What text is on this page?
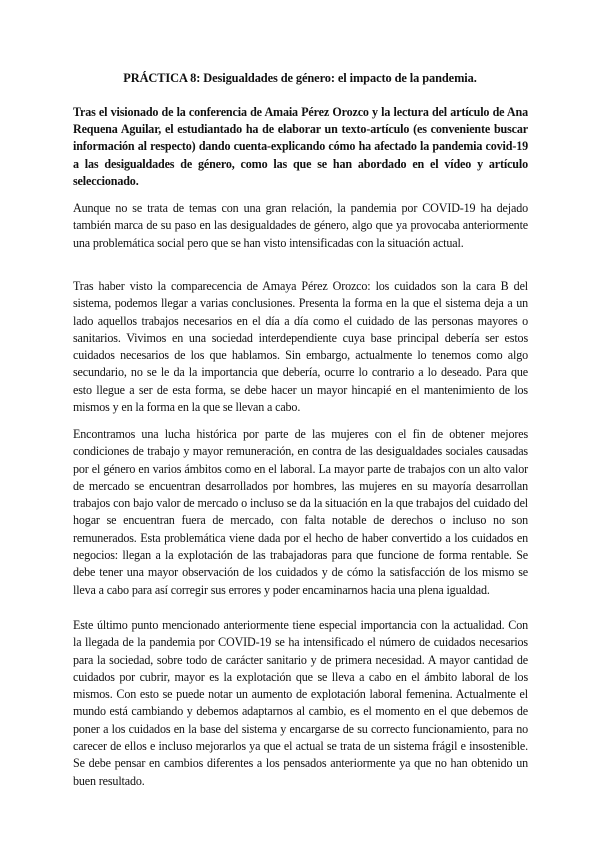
PRÁCTICA 8: Desigualdades de género: el impacto de la pandemia.
Tras el visionado de la conferencia de Amaia Pérez Orozco y la lectura del artículo de Ana Requena Aguilar, el estudiantado ha de elaborar un texto-artículo (es conveniente buscar información al respecto) dando cuenta-explicando cómo ha afectado la pandemia covid-19 a las desigualdades de género, como las que se han abordado en el vídeo y artículo seleccionado.
Aunque no se trata de temas con una gran relación, la pandemia por COVID-19 ha dejado también marca de su paso en las desigualdades de género, algo que ya provocaba anteriormente una problemática social pero que se han visto intensificadas con la situación actual.
Tras haber visto la comparecencia de Amaya Pérez Orozco: los cuidados son la cara B del sistema, podemos llegar a varias conclusiones. Presenta la forma en la que el sistema deja a un lado aquellos trabajos necesarios en el día a día como el cuidado de las personas mayores o sanitarios. Vivimos en una sociedad interdependiente cuya base principal debería ser estos cuidados necesarios de los que hablamos. Sin embargo, actualmente lo tenemos como algo secundario, no se le da la importancia que debería, ocurre lo contrario a lo deseado. Para que esto llegue a ser de esta forma, se debe hacer un mayor hincapié en el mantenimiento de los mismos y en la forma en la que se llevan a cabo.
Encontramos una lucha histórica por parte de las mujeres con el fin de obtener mejores condiciones de trabajo y mayor remuneración, en contra de las desigualdades sociales causadas por el género en varios ámbitos como en el laboral. La mayor parte de trabajos con un alto valor de mercado se encuentran desarrollados por hombres, las mujeres en su mayoría desarrollan trabajos con bajo valor de mercado o incluso se da la situación en la que trabajos del cuidado del hogar se encuentran fuera de mercado, con falta notable de derechos o incluso no son remunerados. Esta problemática viene dada por el hecho de haber convertido a los cuidados en negocios: llegan a la explotación de las trabajadoras para que funcione de forma rentable. Se debe tener una mayor observación de los cuidados y de cómo la satisfacción de los mismo se lleva a cabo para así corregir sus errores y poder encaminarnos hacia una plena igualdad.
Este último punto mencionado anteriormente tiene especial importancia con la actualidad. Con la llegada de la pandemia por COVID-19 se ha intensificado el número de cuidados necesarios para la sociedad, sobre todo de carácter sanitario y de primera necesidad. A mayor cantidad de cuidados por cubrir, mayor es la explotación que se lleva a cabo en el ámbito laboral de los mismos. Con esto se puede notar un aumento de explotación laboral femenina. Actualmente el mundo está cambiando y debemos adaptarnos al cambio, es el momento en el que debemos de poner a los cuidados en la base del sistema y encargarse de su correcto funcionamiento, para no carecer de ellos e incluso mejorarlos ya que el actual se trata de un sistema frágil e insostenible. Se debe pensar en cambios diferentes a los pensados anteriormente ya que no han obtenido un buen resultado.
